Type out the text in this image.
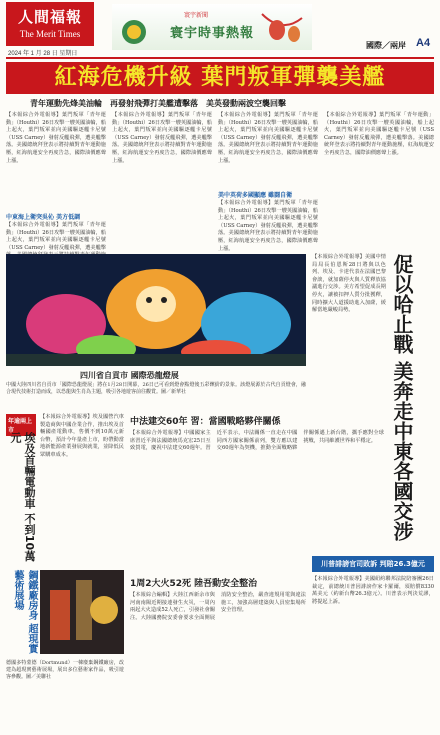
人間福報
The Merit Times
2024 年 1 月 28 日 星期日
寰宇新聞
寰宇時事熱報
國際／兩岸 A4
紅海危機升級 葉門叛軍彈襲美艦
青年運動先烽美油輪　再發射飛彈打美艦遭擊落　美英發動兩波空襲回擊
【本報綜合外電報導】葉門叛軍「青年運動」（Houthi）26日攻擊一艘英國油輪，船上起火，葉門叛軍並向美國驅逐艦卡尼號（USS Carney）發射反艦飛彈，遭美艦擊落。美國總統拜登表示將持續對青年運動施壓，紅海航運安全再度告急，國際油價應聲上漲。
中東海上衛突吳伈 美方低調
【本報綜合外電報導】葉門叛軍「青年運動」（Houthi）26日攻擊一艘英國油輪，船上起火，葉門叛軍並向美國驅逐艦卡尼號（USS Carney）發射反艦飛彈，遭美艦擊
【本報綜合外電報導】葉門叛軍「青年運動」（Houthi）26日攻擊一艘英國油輪，船上起火，葉門叛軍並向美國驅逐艦卡尼號（USS Carney）發射反艦飛彈，遭美艦擊落。美國總統拜登表示將持續對青年運動施壓，紅海航運安全再度告急，國際油價應聲上漲。
【本報綜合外電報導】葉門叛軍「青年運動」（Houthi）26日攻擊一艘英國油輪，船上起火，葉門叛軍並向美國驅逐艦卡尼號（USS Carney）發射反艦飛彈，遭美艦擊落。美國總統拜登表示將持續對青年運動施壓，紅海航運安全再度告急，國際油價應聲上漲。
美中英荷多國顯應 雖闘自衛
【本報綜合外電報導】葉門叛軍「青年運動」（Houthi）26日攻擊一艘英國油輪，船上起火，葉門叛軍並向美國驅逐艦卡尼號（USS Carney）發射反艦飛彈，遭美艦擊落。美國總統拜登表示將持續對青年運動施壓，紅海航運安全再度告急，國際油價應聲上漲。
【本報綜合外電報導】葉門叛軍「青年運動」（Houthi）26日攻擊一艘英國油輪，船上起火，葉門叛軍並向美國驅逐艦卡尼號（USS Carney）發射反艦飛彈，遭美艦擊落。美國總統拜登表示將持續對青年運動施壓，紅海航運安全再度告急，國際油價應聲上漲。
四川省自貢市 國際恐龍燈展
中國大陸四川省自貢市「國際恐龍燈展」將在1月28日開幕，26日已可看到燈會點燈後五彩繽紛的景象。該燈展源於古代自貢燈會，融合現代技術打造而成，以恐龍與生肖為主題，吸引各地遊客前往觀賞。圖／新華社	促以哈止戰 美奔走中東各國交涉
【本報綜合外電報導】美國中情局局長伯恩斯28日將與以色列、埃及、卡達代表在法國巴黎會談，就加薩停火與人質釋放協議進行交涉。美方希望促成長期停火，讓被扣押人質分批獲釋，同時擴大人道援助進入加薩，緩解當地嚴峻局勢。
年逾兩上市
埃及首輛電動車 不到10萬元
【本報綜合外電報導】埃及國營汽車製造商與中國企業合作，推出埃及首輛國產電動車，售價不到10萬元新台幣，預計今年量產上市，盼帶動當地新能源產業發展與就業，並降低民眾購車成本。
中法建交60年 習：當國戰略夥伴關係
【本報綜合外電報導】中國國家主席習近平與法國總統馬克宏25日互致賀電，慶祝中法建交60週年。習近平表示，中法關係一直走在中國同西方國家關係前列，雙方應以建交60週年為契機，推動全面戰略夥伴關係邁上新台階，攜手應對全球挑戰，共同維護世界和平穩定。
川普誹謗官司敗訴 判賠26.3億元
【本報綜合外電報導】美國紐約聯邦法院陪審團26日裁定，前總統川普因誹謗作家卡羅爾，須賠償8330萬美元（約新台幣26.3億元）。川普表示判決荒謬，將提起上訴。
鋼鐵廠房身 超現實藝術展場
德國多特蒙德（Dortmund）一棟廢棄鋼鐵廠房，改建為超現實藝術展場，展出多位藝術家作品，吸引遊客參觀。圖／美聯社
1周2大火52死 陸吾動安全整治
【本報綜合編輯】大陸江西新余市與河南南陽近期接連發生火災，一周內兩起大火造成52人死亡，引發社會關注。大陸國務院安委會要求全面開展消防安全整治，嚴查違規用電與違法施工，加強高層建築與人員密集場所安全管理。
